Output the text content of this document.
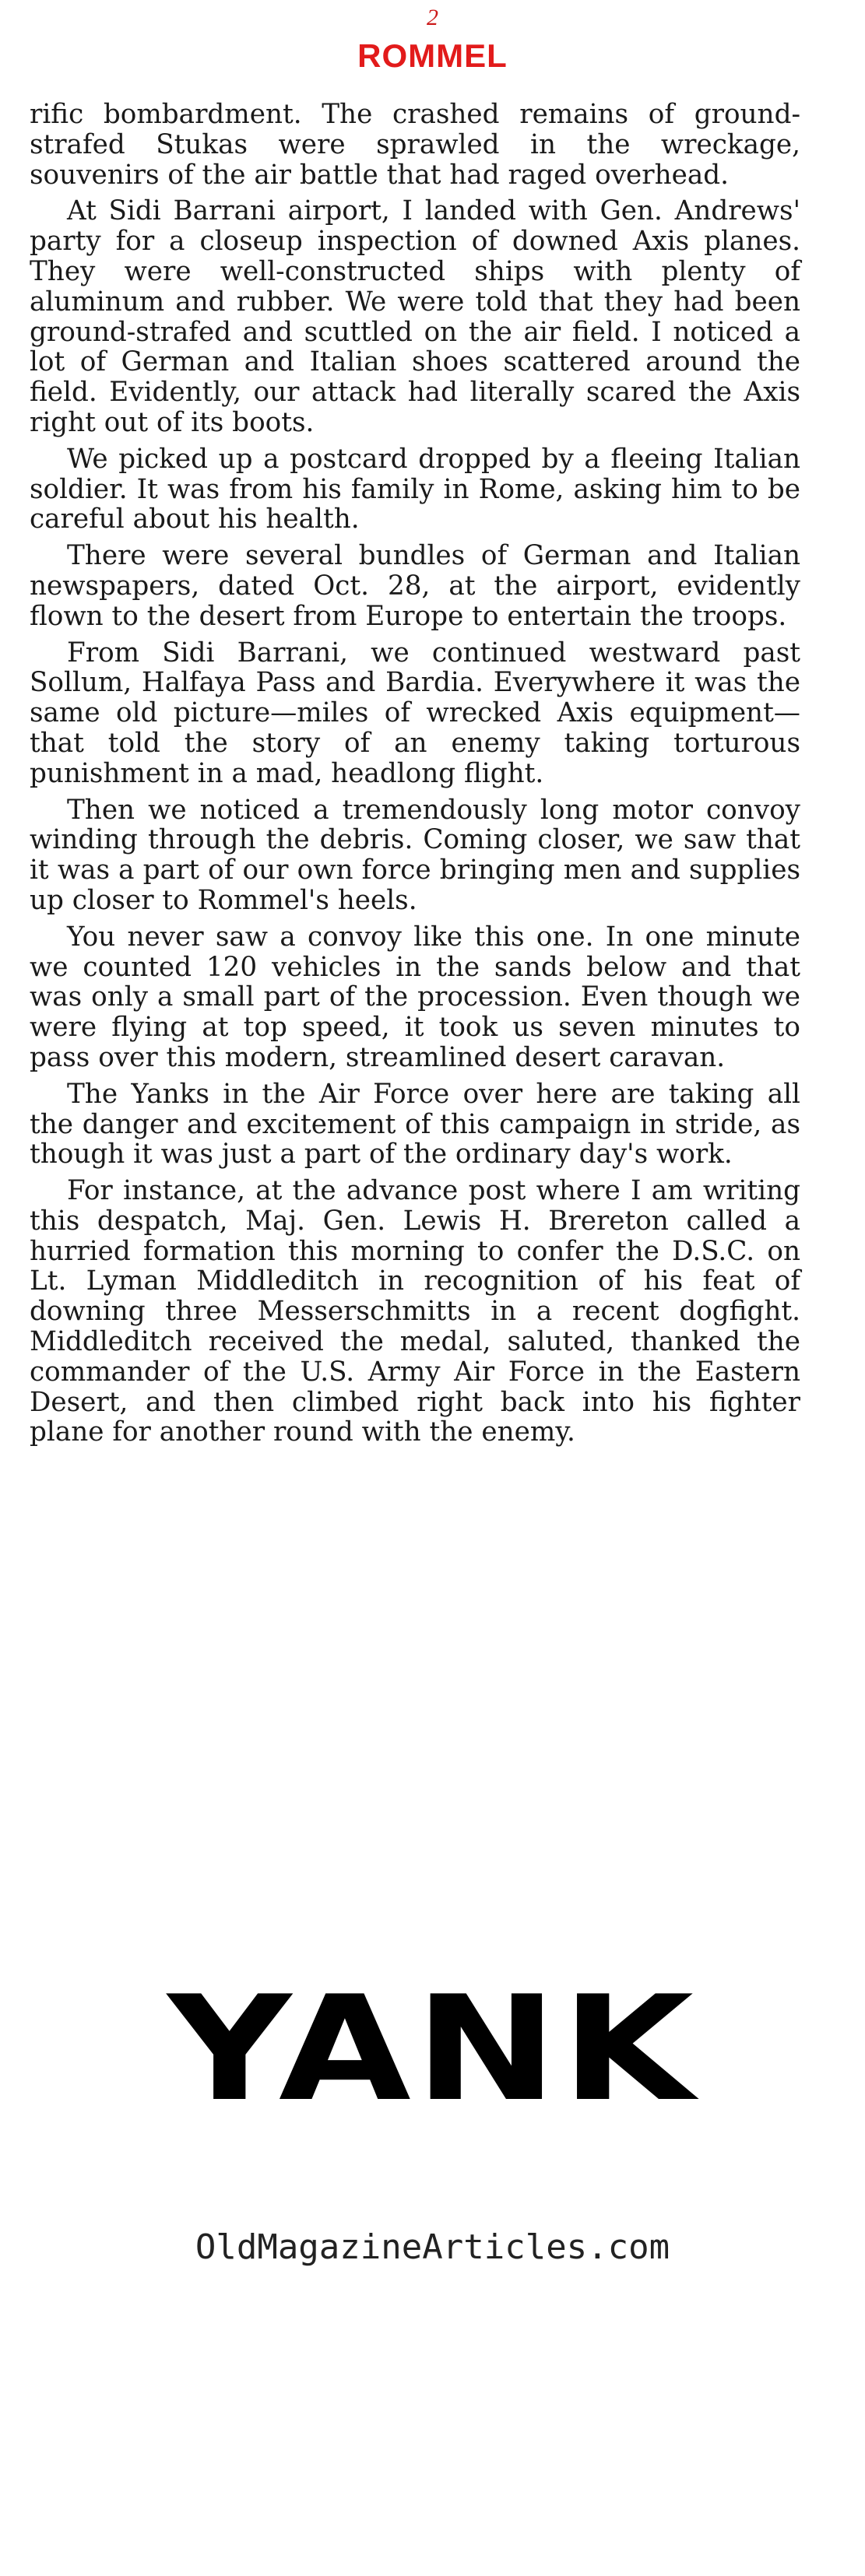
2
ROMMEL

rific bombardment. The crashed remains of ground-strafed Stukas were sprawled in the wreckage, souvenirs of the air battle that had raged overhead.

At Sidi Barrani airport, I landed with Gen. Andrews' party for a closeup inspection of downed Axis planes. They were well-constructed ships with plenty of aluminum and rubber. We were told that they had been ground-strafed and scuttled on the air field. I noticed a lot of German and Italian shoes scattered around the field. Evidently, our attack had literally scared the Axis right out of its boots.

We picked up a postcard dropped by a fleeing Italian soldier. It was from his family in Rome, asking him to be careful about his health.

There were several bundles of German and Italian newspapers, dated Oct. 28, at the airport, evidently flown to the desert from Europe to entertain the troops.

From Sidi Barrani, we continued westward past Sollum, Halfaya Pass and Bardia. Everywhere it was the same old picture—miles of wrecked Axis equipment—that told the story of an enemy taking torturous punishment in a mad, headlong flight.

Then we noticed a tremendously long motor convoy winding through the debris. Coming closer, we saw that it was a part of our own force bringing men and supplies up closer to Rommel's heels.

You never saw a convoy like this one. In one minute we counted 120 vehicles in the sands below and that was only a small part of the procession. Even though we were flying at top speed, it took us seven minutes to pass over this modern, streamlined desert caravan.

The Yanks in the Air Force over here are taking all the danger and excitement of this campaign in stride, as though it was just a part of the ordinary day's work.

For instance, at the advance post where I am writing this despatch, Maj. Gen. Lewis H. Brereton called a hurried formation this morning to confer the D.S.C. on Lt. Lyman Middleditch in recognition of his feat of downing three Messerschmitts in a recent dogfight. Middleditch received the medal, saluted, thanked the commander of the U.S. Army Air Force in the Eastern Desert, and then climbed right back into his fighter plane for another round with the enemy.

YANK
OldMagazineArticles.com
